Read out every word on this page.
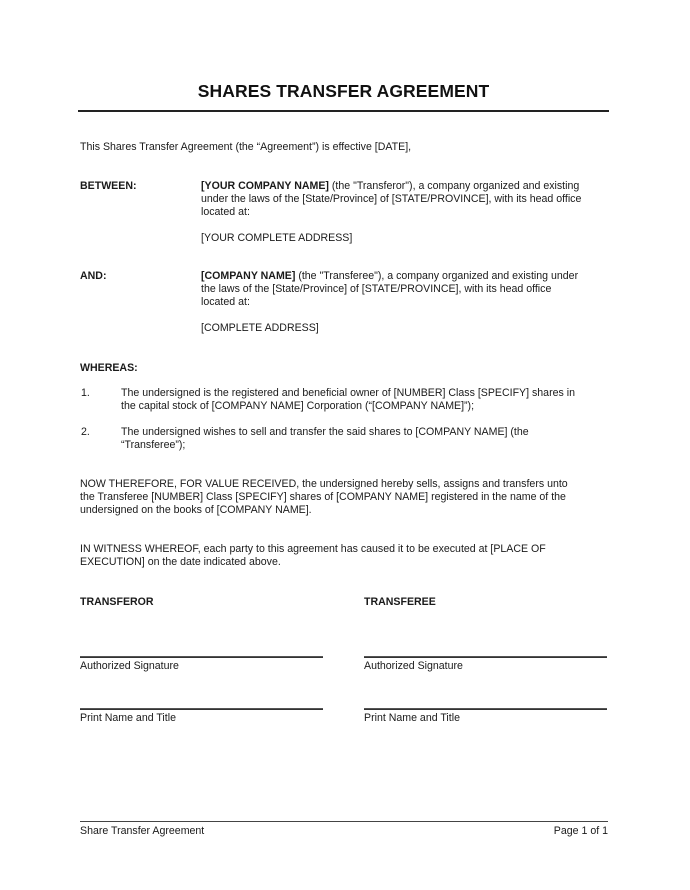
SHARES TRANSFER AGREEMENT
This Shares Transfer Agreement (the “Agreement”) is effective [DATE],
BETWEEN:	[YOUR COMPANY NAME] (the "Transferor"), a company organized and existing
under the laws of the [State/Province] of [STATE/PROVINCE], with its head office
located at:
[YOUR COMPLETE ADDRESS]
AND:	[COMPANY NAME] (the "Transferee"), a company organized and existing under
the laws of the [State/Province] of [STATE/PROVINCE], with its head office
located at:
[COMPLETE ADDRESS]
WHEREAS:
1.	The undersigned is the registered and beneficial owner of [NUMBER] Class [SPECIFY] shares in
the capital stock of [COMPANY NAME] Corporation (“[COMPANY NAME]”);
2.	The undersigned wishes to sell and transfer the said shares to [COMPANY NAME] (the
“Transferee”);
NOW THEREFORE, FOR VALUE RECEIVED, the undersigned hereby sells, assigns and transfers unto
the Transferee [NUMBER] Class [SPECIFY] shares of [COMPANY NAME] registered in the name of the
undersigned on the books of [COMPANY NAME].
IN WITNESS WHEREOF, each party to this agreement has caused it to be executed at [PLACE OF
EXECUTION] on the date indicated above.
TRANSFEROR	TRANSFEREE
Authorized Signature	Authorized Signature
Print Name and Title	Print Name and Title
Share Transfer Agreement	Page 1 of 1
